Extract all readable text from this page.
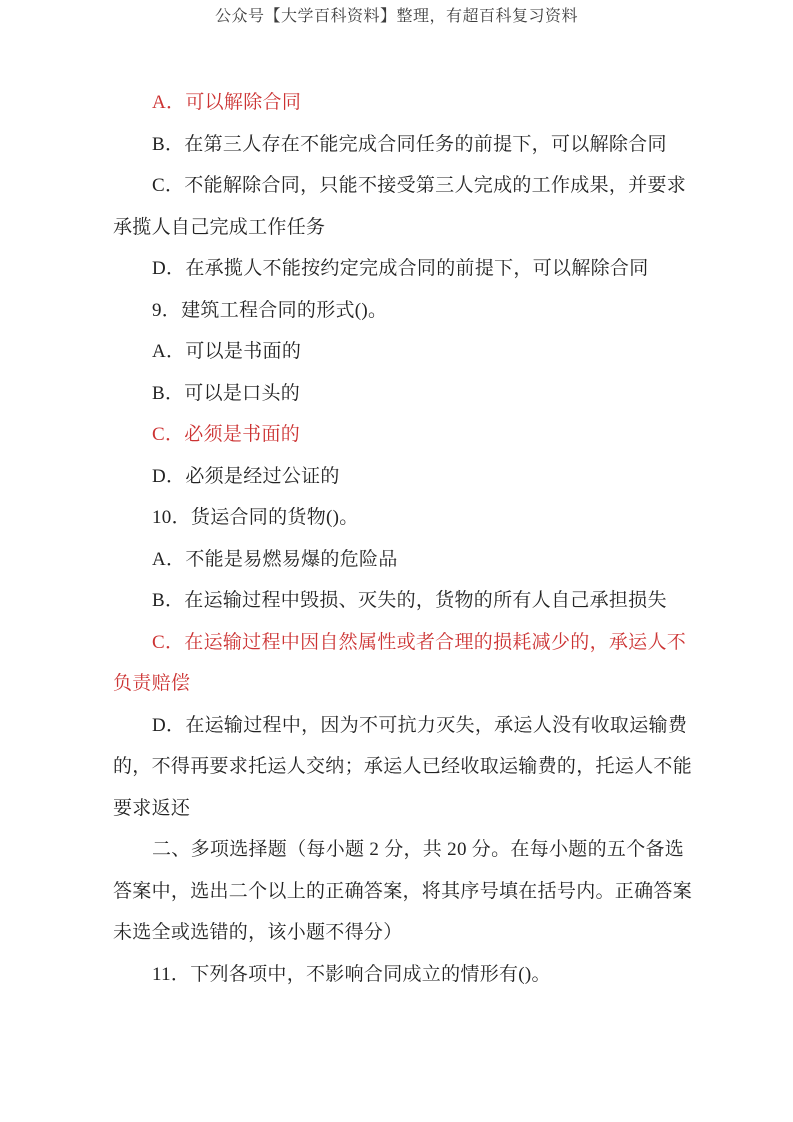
公众号【大学百科资料】整理，有超百科复习资料
A．可以解除合同
B．在第三人存在不能完成合同任务的前提下，可以解除合同
C．不能解除合同，只能不接受第三人完成的工作成果，并要求
承揽人自己完成工作任务
D．在承揽人不能按约定完成合同的前提下，可以解除合同
9．建筑工程合同的形式()。
A．可以是书面的
B．可以是口头的
C．必须是书面的
D．必须是经过公证的
10．货运合同的货物()。
A．不能是易燃易爆的危险品
B．在运输过程中毁损、灭失的，货物的所有人自己承担损失
C．在运输过程中因自然属性或者合理的损耗减少的，承运人不
负责赔偿
D．在运输过程中，因为不可抗力灭失，承运人没有收取运输费
的，不得再要求托运人交纳；承运人已经收取运输费的，托运人不能
要求返还
二、多项选择题（每小题 2 分，共 20 分。在每小题的五个备选
答案中，选出二个以上的正确答案，将其序号填在括号内。正确答案
未选全或选错的，该小题不得分）
11．下列各项中，不影响合同成立的情形有()。
